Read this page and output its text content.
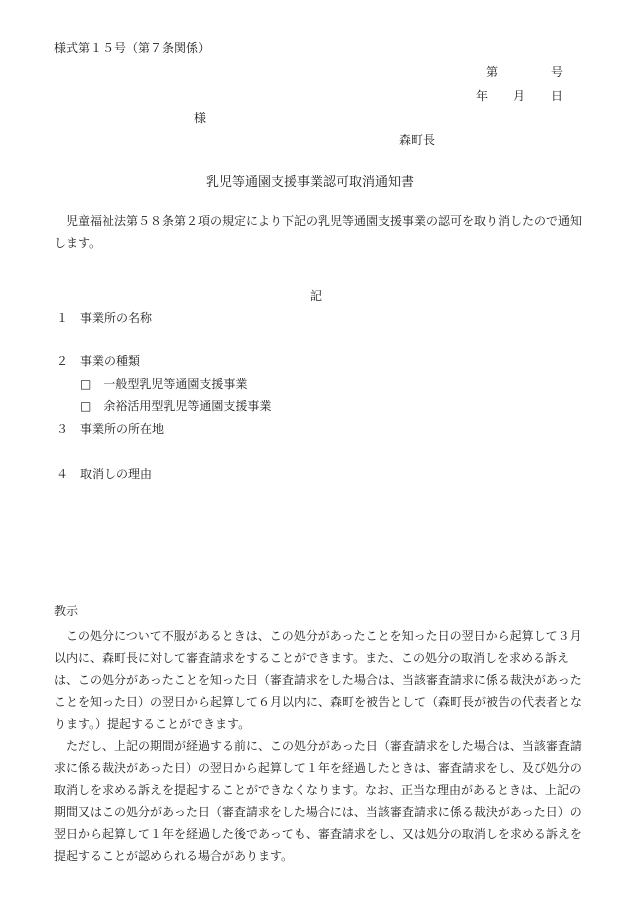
様式第１５号（第７条関係）
第	号
年 月 日
様
森町長
乳児等通園支援事業認可取消通知書

児童福祉法第５８条第２項の規定により下記の乳児等通園支援事業の認可を取り消したので通知します。

記
１　事業所の名称
２　事業の種類
□　一般型乳児等通園支援事業
□　余裕活用型乳児等通園支援事業
３　事業所の所在地
４　取消しの理由
教示

この処分について不服があるときは、この処分があったことを知った日の翌日から起算して３月以内に、森町長に対して審査請求をすることができます。また、この処分の取消しを求める訴えは、この処分があったことを知った日（審査請求をした場合は、当該審査請求に係る裁決があったことを知った日）の翌日から起算して６月以内に、森町を被告として（森町長が被告の代表者となります。）提起することができます。

ただし、上記の期間が経過する前に、この処分があった日（審査請求をした場合は、当該審査請求に係る裁決があった日）の翌日から起算して１年を経過したときは、審査請求をし、及び処分の取消しを求める訴えを提起することができなくなります。なお、正当な理由があるときは、上記の期間又はこの処分があった日（審査請求をした場合には、当該審査請求に係る裁決があった日）の翌日から起算して１年を経過した後であっても、審査請求をし、又は処分の取消しを求める訴えを提起することが認められる場合があります。
